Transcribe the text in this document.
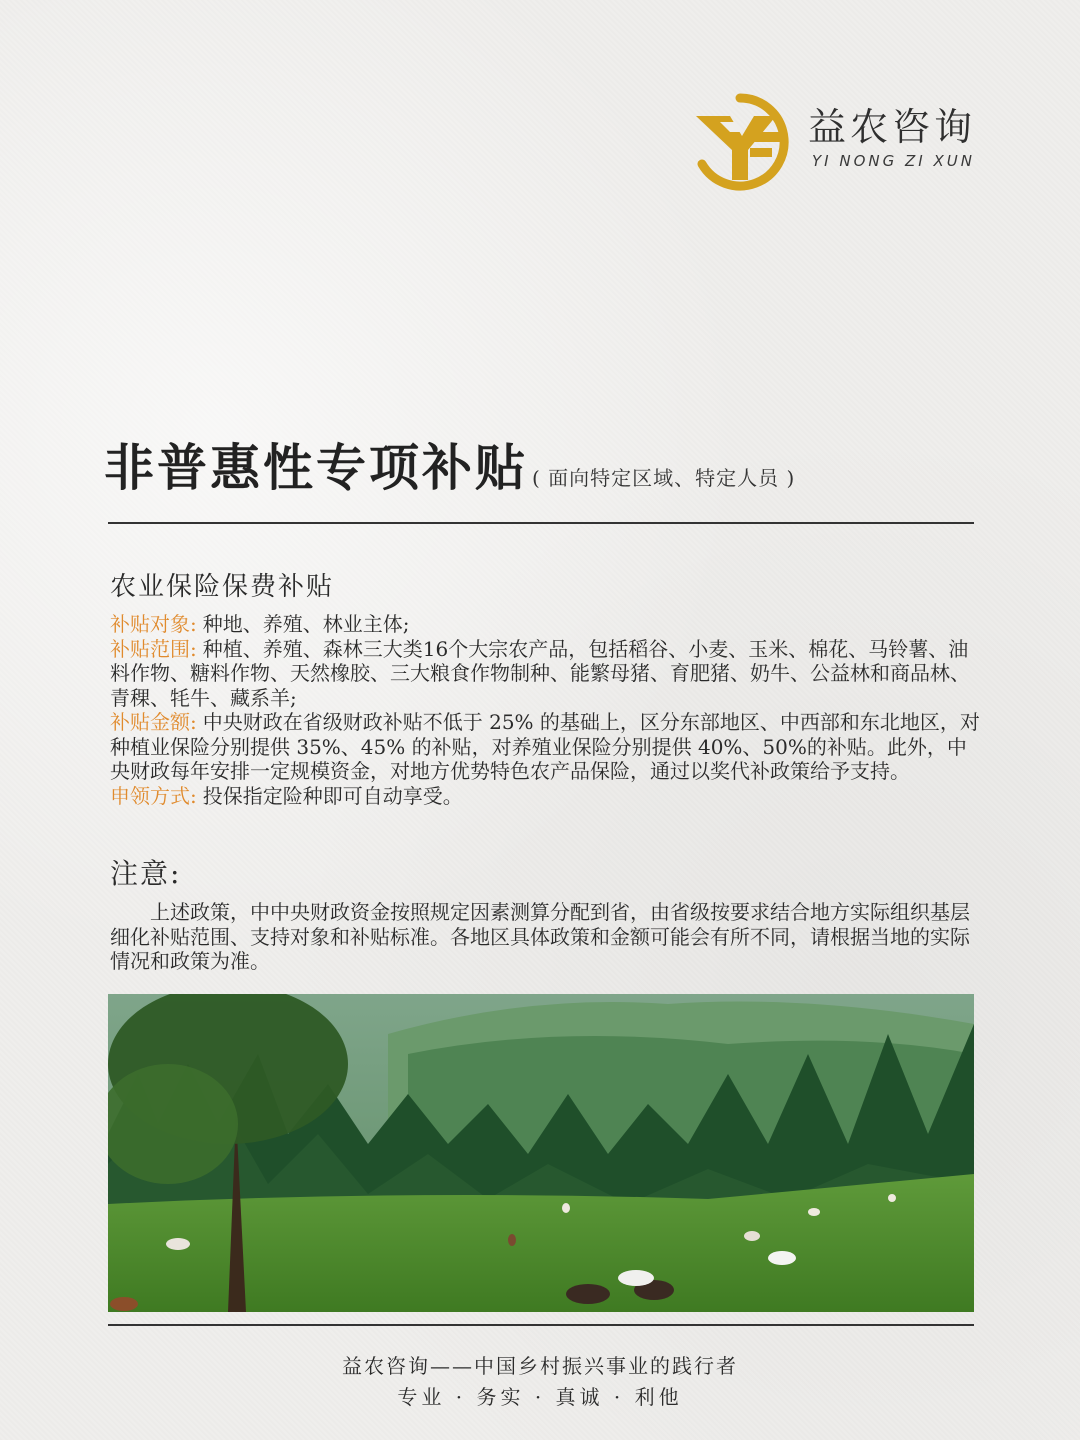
益农咨询
YI NONG ZI XUN
非普惠性专项补贴 ( 面向特定区域、特定人员 )
农业保险保费补贴

补贴对象: 种地、养殖、林业主体;

补贴范围: 种植、养殖、森林三大类16个大宗农产品，包括稻谷、小麦、玉米、棉花、马铃薯、油料作物、糖料作物、天然橡胶、三大粮食作物制种、能繁母猪、育肥猪、奶牛、公益林和商品林、青稞、牦牛、藏系羊;

补贴金额: 中央财政在省级财政补贴不低于 25% 的基础上，区分东部地区、中西部和东北地区，对种植业保险分别提供 35%、45% 的补贴，对养殖业保险分别提供 40%、50%的补贴。此外，中央财政每年安排一定规模资金，对地方优势特色农产品保险，通过以奖代补政策给予支持。

申领方式: 投保指定险种即可自动享受。

注意:

上述政策，中中央财政资金按照规定因素测算分配到省，由省级按要求结合地方实际组织基层细化补贴范围、支持对象和补贴标准。各地区具体政策和金额可能会有所不同，请根据当地的实际情况和政策为准。

益农咨询——中国乡村振兴事业的践行者
专业 · 务实 · 真诚 · 利他
